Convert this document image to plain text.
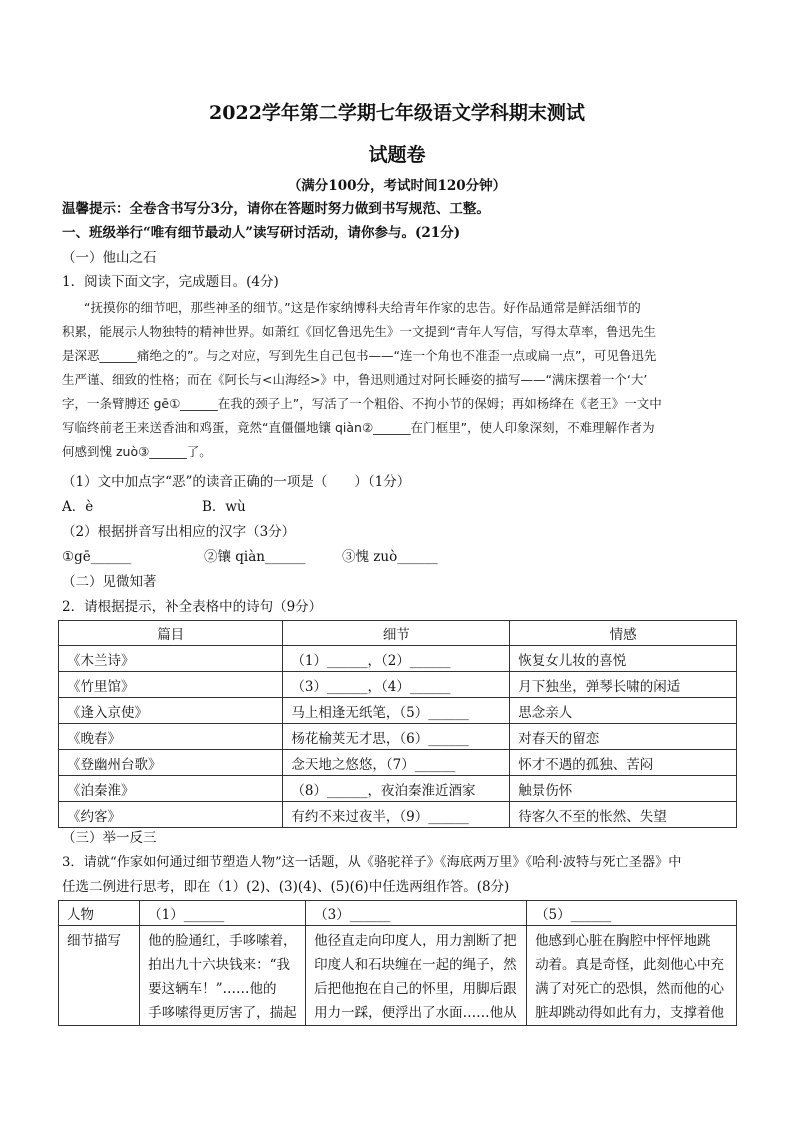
2022学年第二学期七年级语文学科期末测试
试题卷
（满分100分，考试时间120分钟）
温馨提示：全卷含书写分3分，请你在答题时努力做到书写规范、工整。
一、班级举行“唯有细节最动人”读写研讨活动，请你参与。(21分)
（一）他山之石
1．阅读下面文字，完成题目。(4分)
“抚摸你的细节吧，那些神圣的细节。”这是作家纳博科夫给青年作家的忠告。好作品通常是鲜活细节的
积累，能展示人物独特的精神世界。如萧红《回忆鲁迅先生》一文提到“青年人写信，写得太草率，鲁迅先生
是深恶______痛绝之的”。与之对应，写到先生自己包书——“连一个角也不准歪一点或扁一点”，可见鲁迅先
生严谨、细致的性格；而在《阿长与<山海经>》中，鲁迅则通过对阿长睡姿的描写——“满床摆着一个‘大’
字，一条臂膊还 gē①______在我的颈子上”，写活了一个粗俗、不拘小节的保姆；再如杨绛在《老王》一文中
写临终前老王来送香油和鸡蛋，竟然“直僵僵地镶 qiàn②______在门框里”，使人印象深刻，不难理解作者为
何感到愧 zuò③______了。
（1）文中加点字“恶”的读音正确的一项是（　　）（1分）
A．è	B．wù
（2）根据拼音写出相应的汉字（3分）
①gē______	②镶 qiàn______	③愧 zuò______
（二）见微知著
2．请根据提示，补全表格中的诗句（9分）
篇目	细节	情感
《木兰诗》	（1）______，（2）______	恢复女儿妆的喜悦
《竹里馆》	（3）______，（4）______	月下独坐，弹琴长啸的闲适
《逢入京使》	马上相逢无纸笔，（5）______	思念亲人
《晚春》	杨花榆荚无才思，（6）______	对春天的留恋
《登幽州台歌》	念天地之悠悠，（7）______	怀才不遇的孤独、苦闷
《泊秦淮》	（8）______，夜泊秦淮近酒家	触景伤怀
《约客》	有约不来过夜半，（9）______	待客久不至的怅然、失望
（三）举一反三
3．请就“作家如何通过细节塑造人物”这一话题，从《骆驼祥子》《海底两万里》《哈利·波特与死亡圣器》中
任选二例进行思考，即在（1）(2)、(3)(4)、(5)(6)中任选两组作答。(8分)
人物	（1）______	（3）______	（5）______
细节描写	他的脸通红，手哆嗦着，
拍出九十六块钱来：“我
要这辆车！”……他的
手哆嗦得更厉害了，揣起	他径直走向印度人，用力割断了把
印度人和石块缠在一起的绳子，然
后把他抱在自己的怀里，用脚后跟
用力一踩，便浮出了水面……他从	他感到心脏在胸腔中怦怦地跳
动着。真是奇怪，此刻他心中充
满了对死亡的恐惧，然而他的心
脏却跳动得如此有力，支撑着他
